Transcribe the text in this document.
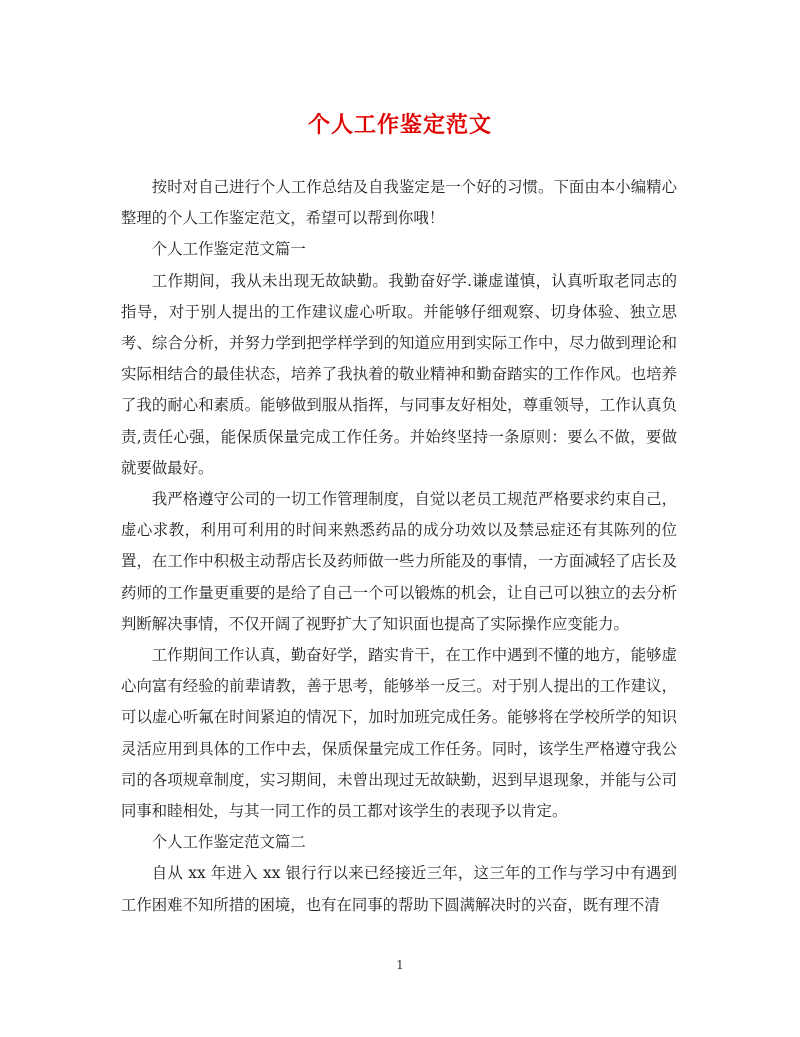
个人工作鉴定范文

按时对自己进行个人工作总结及自我鉴定是一个好的习惯。下面由本小编精心整理的个人工作鉴定范文，希望可以帮到你哦！

个人工作鉴定范文篇一

工作期间，我从未出现无故缺勤。我勤奋好学.谦虚谨慎，认真听取老同志的指导，对于别人提出的工作建议虚心听取。并能够仔细观察、切身体验、独立思考、综合分析，并努力学到把学样学到的知道应用到实际工作中，尽力做到理论和实际相结合的最佳状态，培养了我执着的敬业精神和勤奋踏实的工作作风。也培养了我的耐心和素质。能够做到服从指挥，与同事友好相处，尊重领导，工作认真负责,责任心强，能保质保量完成工作任务。并始终坚持一条原则：要么不做，要做就要做最好。

我严格遵守公司的一切工作管理制度，自觉以老员工规范严格要求约束自己，虚心求教，利用可利用的时间来熟悉药品的成分功效以及禁忌症还有其陈列的位置，在工作中积极主动帮店长及药师做一些力所能及的事情，一方面减轻了店长及药师的工作量更重要的是给了自己一个可以锻炼的机会，让自己可以独立的去分析判断解决事情，不仅开阔了视野扩大了知识面也提高了实际操作应变能力。

工作期间工作认真，勤奋好学，踏实肯干，在工作中遇到不懂的地方，能够虚心向富有经验的前辈请教，善于思考，能够举一反三。对于别人提出的工作建议，可以虚心听氟在时间紧迫的情况下，加时加班完成任务。能够将在学校所学的知识灵活应用到具体的工作中去，保质保量完成工作任务。同时，该学生严格遵守我公司的各项规章制度，实习期间，未曾出现过无故缺勤，迟到早退现象，并能与公司同事和睦相处，与其一同工作的员工都对该学生的表现予以肯定。

个人工作鉴定范文篇二

自从 xx 年进入 xx 银行行以来已经接近三年，这三年的工作与学习中有遇到工作困难不知所措的困境，也有在同事的帮助下圆满解决时的兴奋，既有理不清

1
